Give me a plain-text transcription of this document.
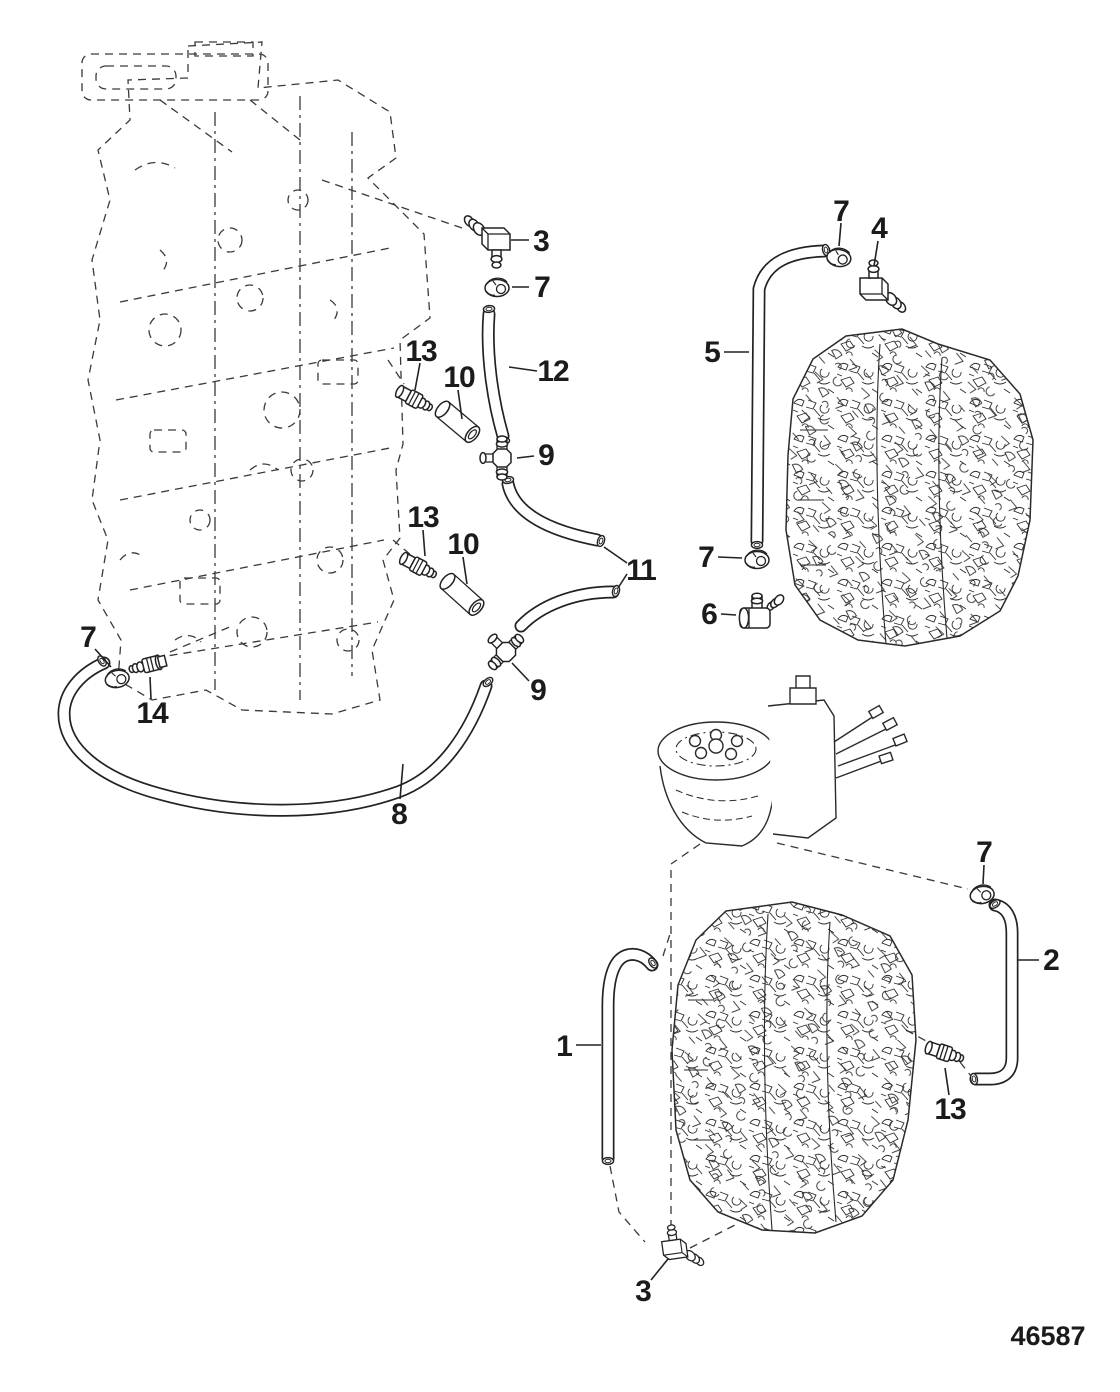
3
7
12
13
10
9
13
10
11
9
7
14
8
7
4
5
7
6
7
2
13
1
3
46587
